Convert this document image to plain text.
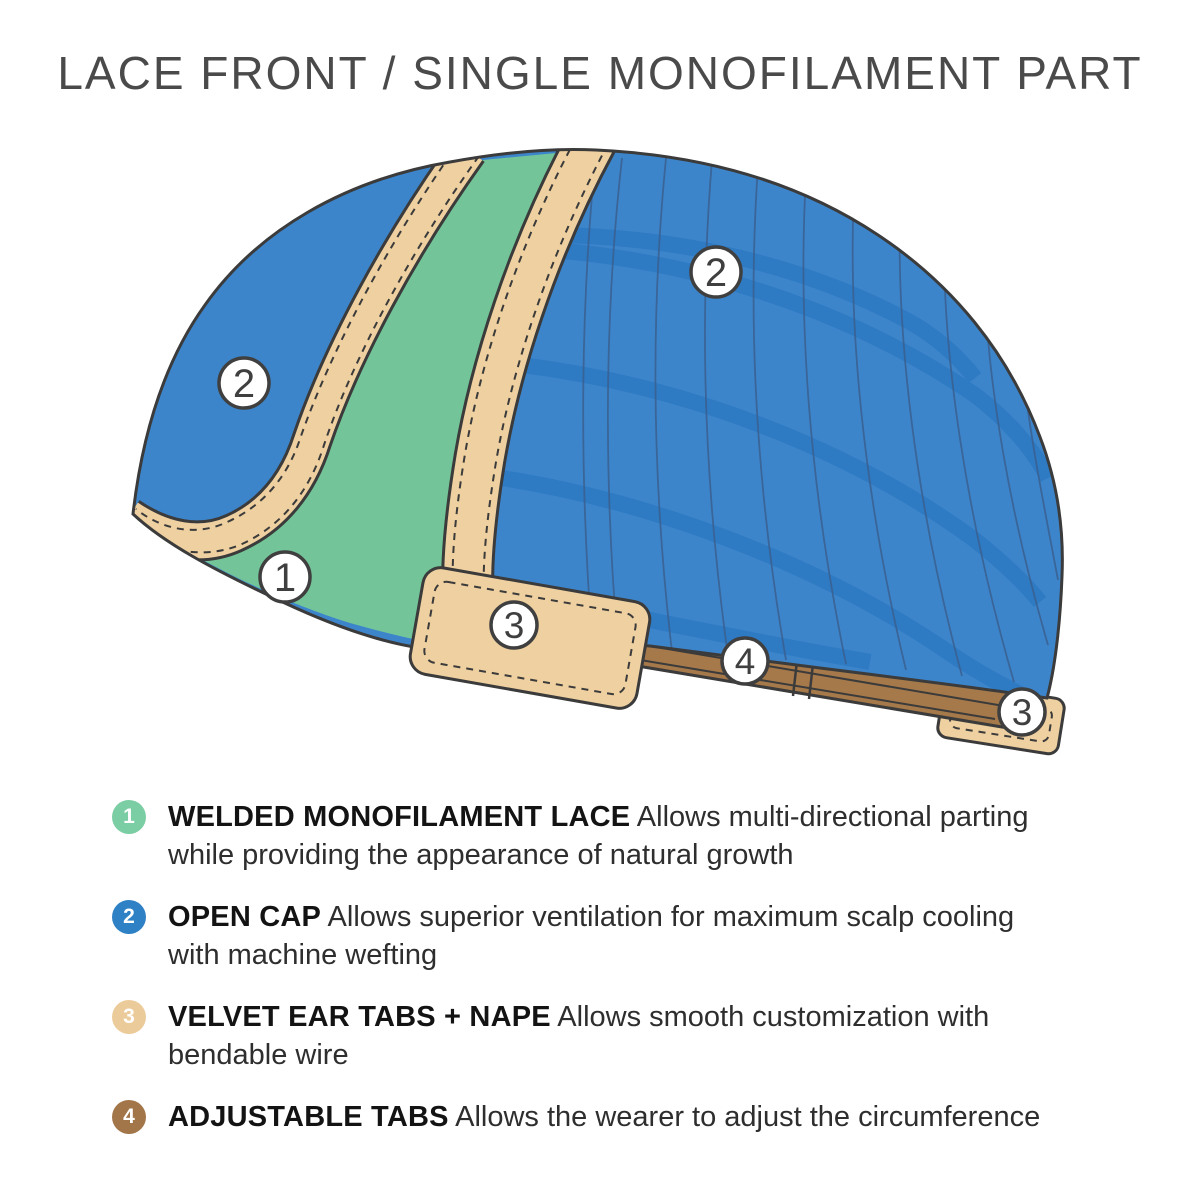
LACE FRONT / SINGLE MONOFILAMENT PART
2
1
2
3
4
3
1	WELDED MONOFILAMENT LACE Allows multi-directional parting while providing the appearance of natural growth

2	OPEN CAP Allows superior ventilation for maximum scalp cooling with machine wefting

3	VELVET EAR TABS + NAPE Allows smooth customization with bendable wire

4	ADJUSTABLE TABS Allows the wearer to adjust the circumference
